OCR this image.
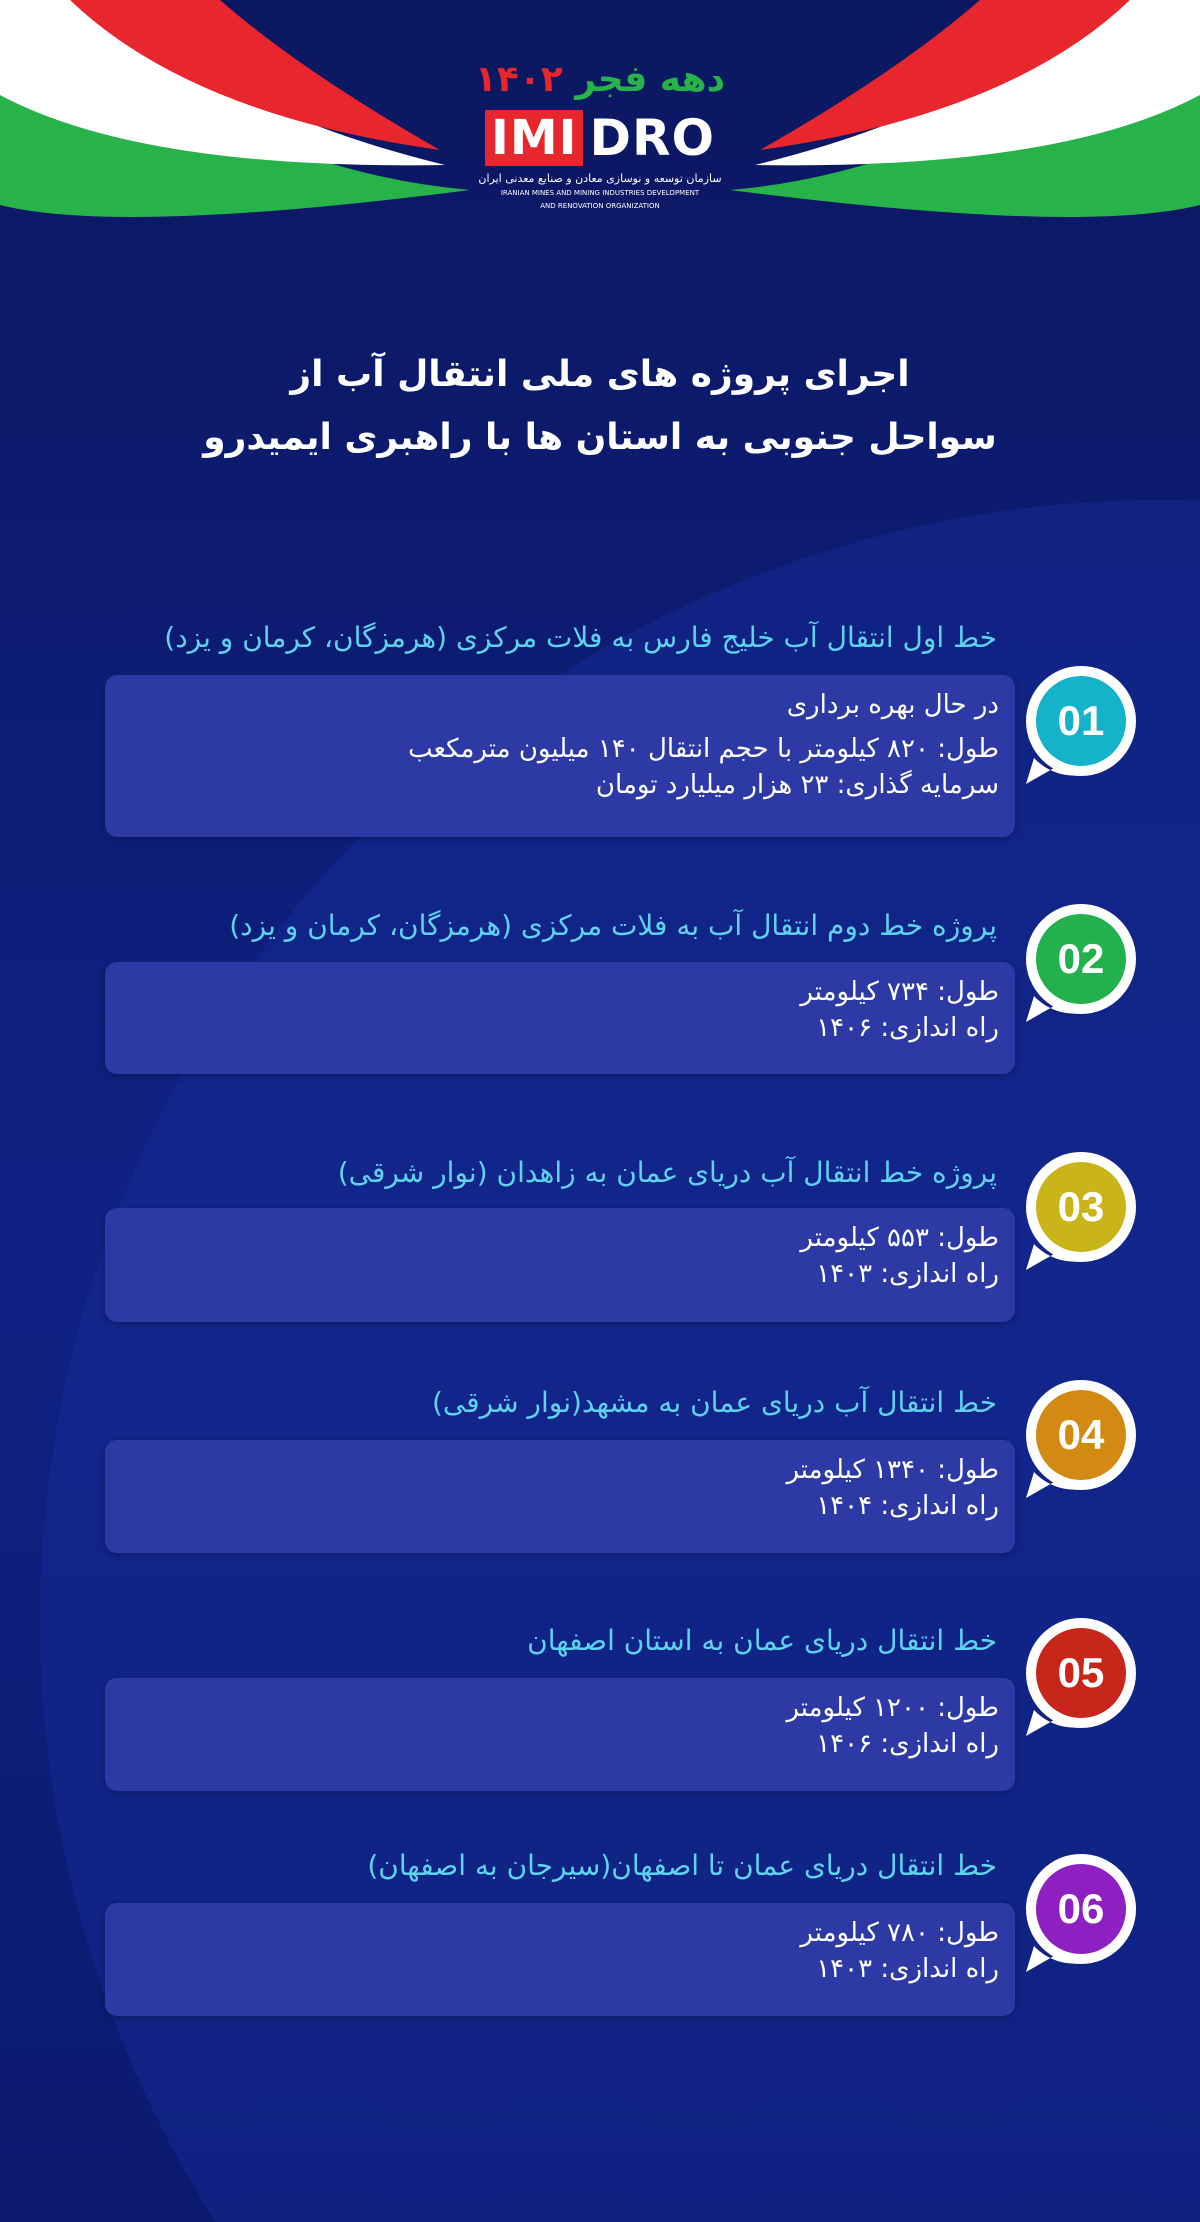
دهه فجر ۱۴۰۲
IMI DRO
سازمان توسعه و نوسازی معادن و صنایع معدنی ایران
IRANIAN MINES AND MINING INDUSTRIES DEVELOPMENT
AND RENOVATION ORGANIZATION
اجرای پروژه های ملی انتقال آب از
سواحل جنوبی به استان ها با راهبری ایمیدرو
خط اول انتقال آب خلیج فارس به فلات مرکزی (هرمزگان، کرمان و یزد)
در حال بهره برداری
طول: ۸۲۰ کیلومتر با حجم انتقال ۱۴۰ میلیون مترمکعب
سرمایه گذاری: ۲۳ هزار میلیارد تومان
01
پروژه خط دوم انتقال آب به فلات مرکزی (هرمزگان، کرمان و یزد)
طول: ۷۳۴ کیلومتر
راه اندازی: ۱۴۰۶
02
پروژه خط انتقال آب دریای عمان به زاهدان (نوار شرقی)
طول: ۵۵۳ کیلومتر
راه اندازی: ۱۴۰۳
03
خط انتقال آب دریای عمان به مشهد(نوار شرقی)
طول: ۱۳۴۰ کیلومتر
راه اندازی: ۱۴۰۴
04
خط انتقال دریای عمان به استان اصفهان
طول: ۱۲۰۰ کیلومتر
راه اندازی: ۱۴۰۶
05
خط انتقال دریای عمان تا اصفهان(سیرجان به اصفهان)
طول: ۷۸۰ کیلومتر
راه اندازی: ۱۴۰۳
06
